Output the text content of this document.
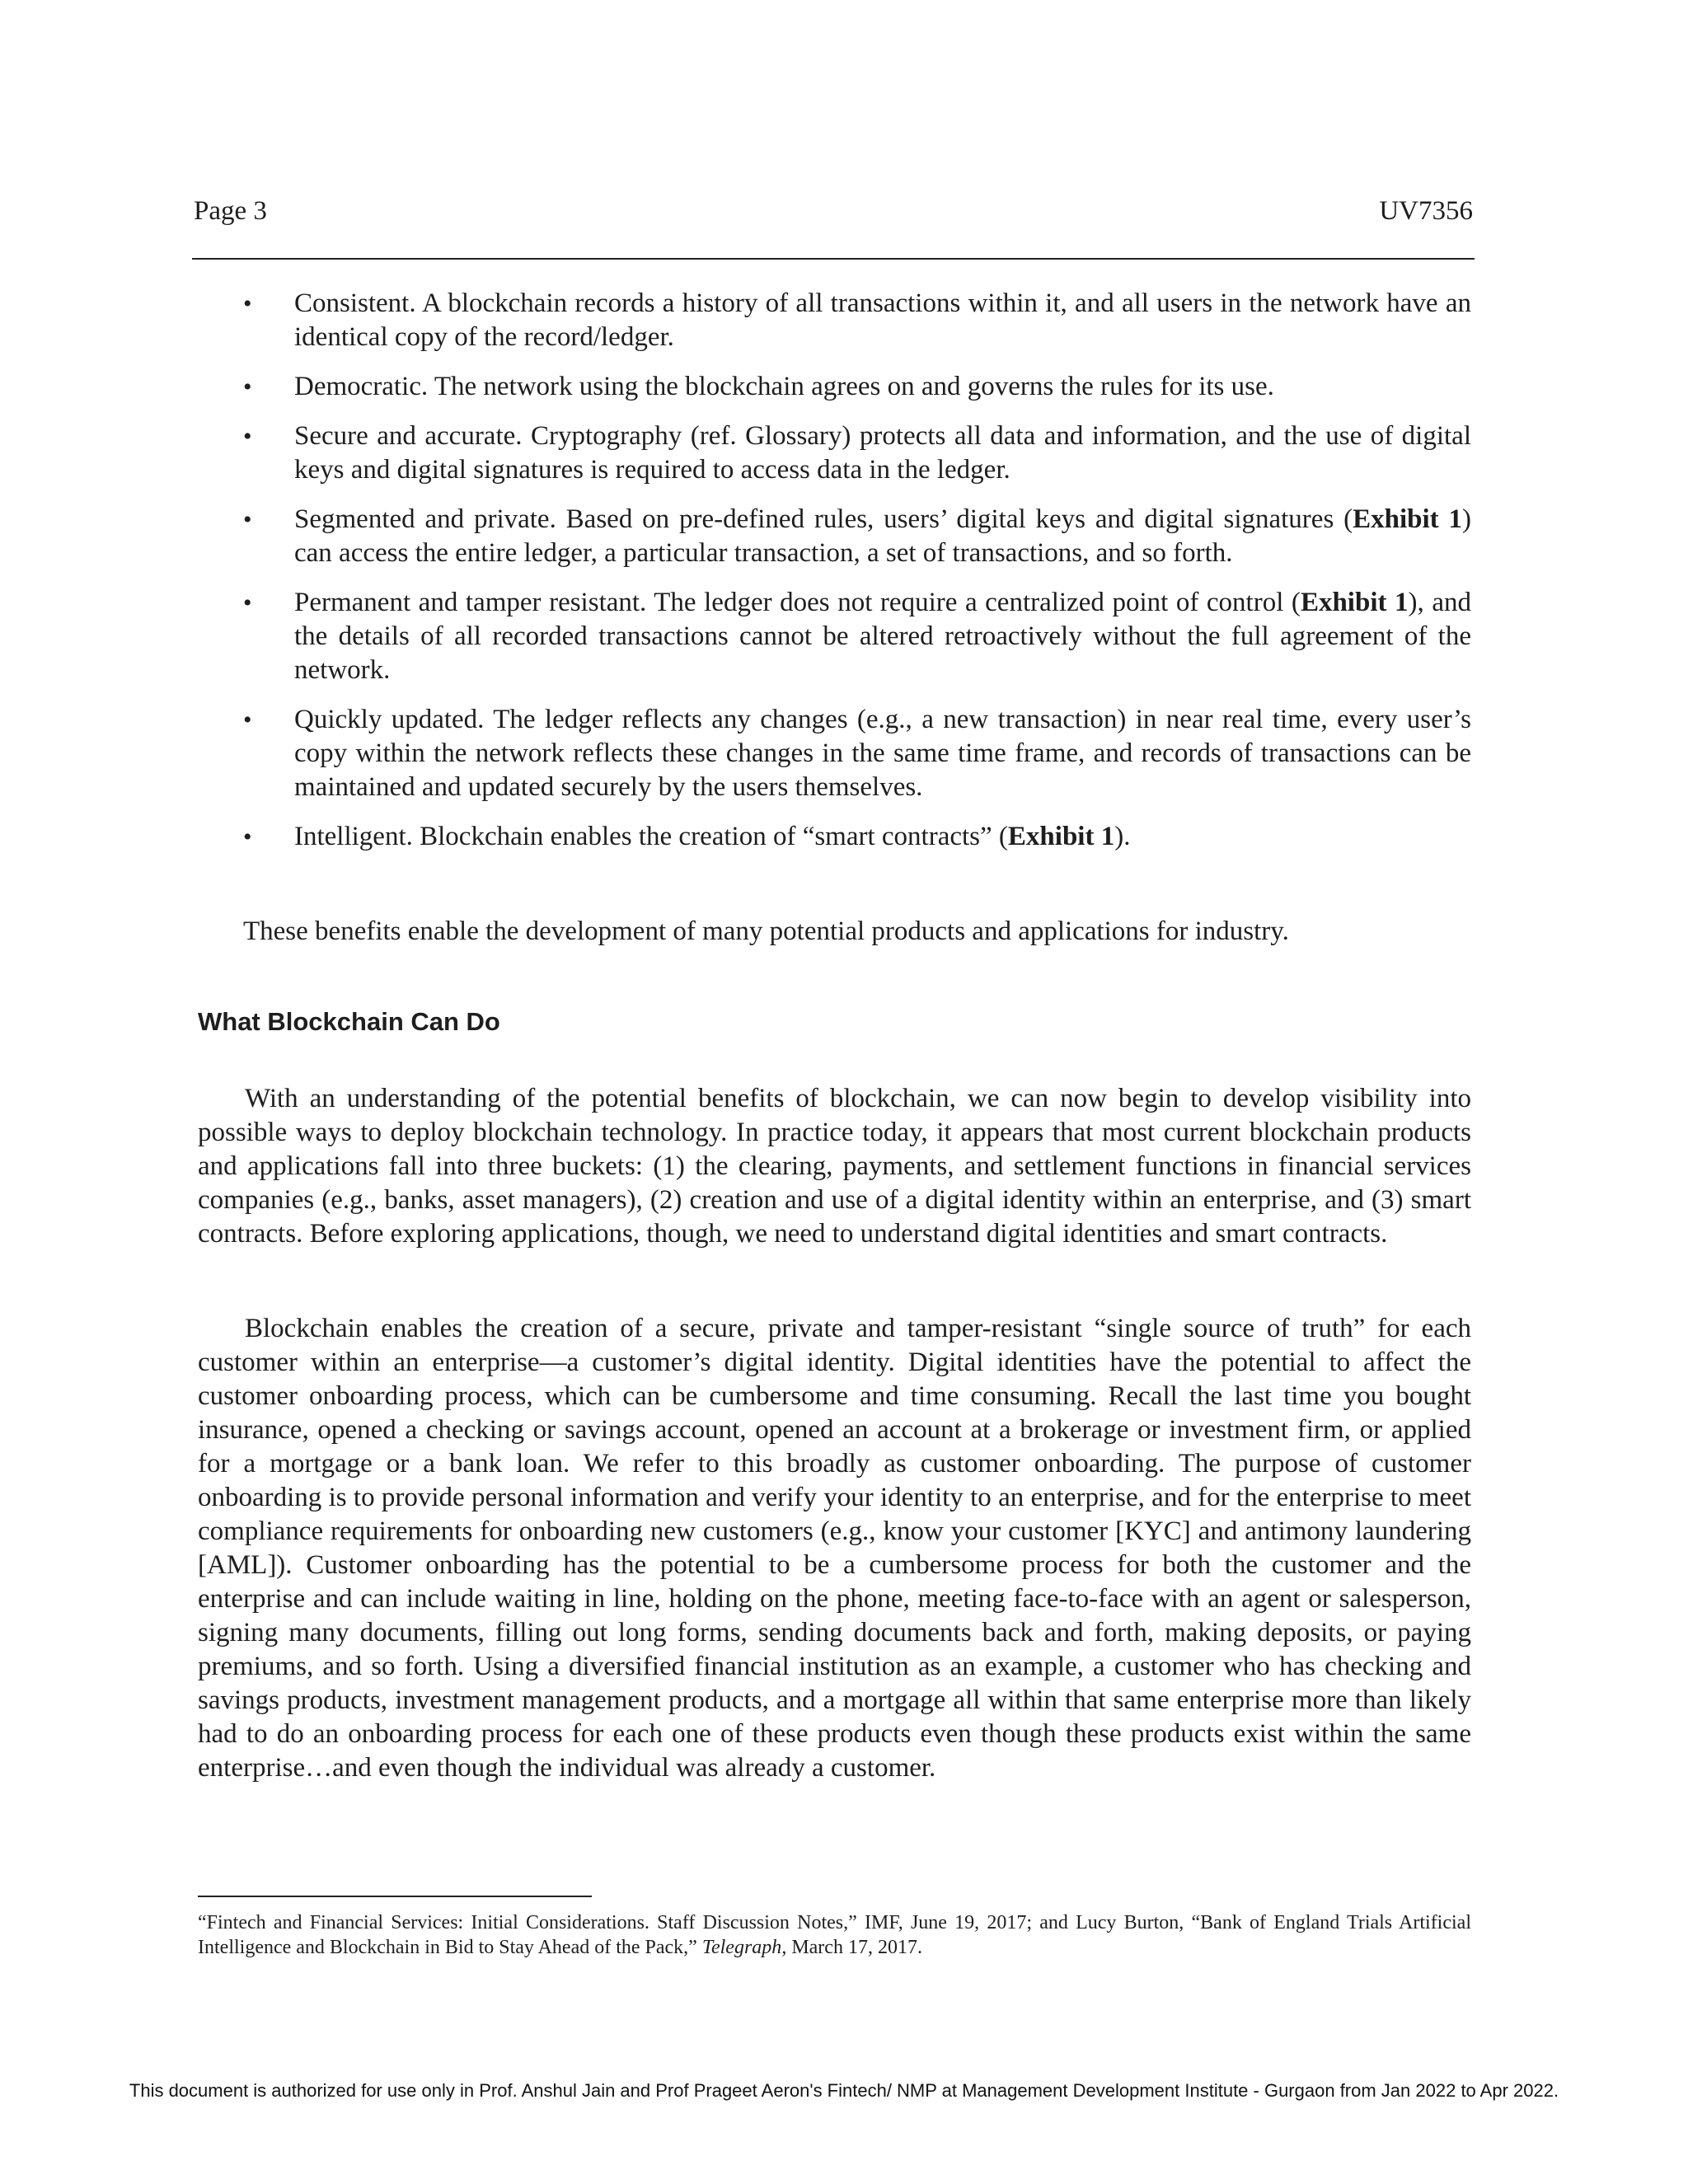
Page 3	UV7356
• Consistent. A blockchain records a history of all transactions within it, and all users in the network have an identical copy of the record/ledger.
• Democratic. The network using the blockchain agrees on and governs the rules for its use.
• Secure and accurate. Cryptography (ref. Glossary) protects all data and information, and the use of digital keys and digital signatures is required to access data in the ledger.
• Segmented and private. Based on pre-defined rules, users’ digital keys and digital signatures (Exhibit 1) can access the entire ledger, a particular transaction, a set of transactions, and so forth.
• Permanent and tamper resistant. The ledger does not require a centralized point of control (Exhibit 1), and the details of all recorded transactions cannot be altered retroactively without the full agreement of the network.
• Quickly updated. The ledger reflects any changes (e.g., a new transaction) in near real time, every user’s copy within the network reflects these changes in the same time frame, and records of transactions can be maintained and updated securely by the users themselves.
• Intelligent. Blockchain enables the creation of “smart contracts” (Exhibit 1).
These benefits enable the development of many potential products and applications for industry.
What Blockchain Can Do

With an understanding of the potential benefits of blockchain, we can now begin to develop visibility into possible ways to deploy blockchain technology. In practice today, it appears that most current blockchain products and applications fall into three buckets: (1) the clearing, payments, and settlement functions in financial services companies (e.g., banks, asset managers), (2) creation and use of a digital identity within an enterprise, and (3) smart contracts. Before exploring applications, though, we need to understand digital identities and smart contracts.

Blockchain enables the creation of a secure, private and tamper-resistant “single source of truth” for each customer within an enterprise—a customer’s digital identity. Digital identities have the potential to affect the customer onboarding process, which can be cumbersome and time consuming. Recall the last time you bought insurance, opened a checking or savings account, opened an account at a brokerage or investment firm, or applied for a mortgage or a bank loan. We refer to this broadly as customer onboarding. The purpose of customer onboarding is to provide personal information and verify your identity to an enterprise, and for the enterprise to meet compliance requirements for onboarding new customers (e.g., know your customer [KYC] and antimony laundering [AML]). Customer onboarding has the potential to be a cumbersome process for both the customer and the enterprise and can include waiting in line, holding on the phone, meeting face-to-face with an agent or salesperson, signing many documents, filling out long forms, sending documents back and forth, making deposits, or paying premiums, and so forth. Using a diversified financial institution as an example, a customer who has checking and savings products, investment management products, and a mortgage all within that same enterprise more than likely had to do an onboarding process for each one of these products even though these products exist within the same enterprise…and even though the individual was already a customer.

“Fintech and Financial Services: Initial Considerations. Staff Discussion Notes,” IMF, June 19, 2017; and Lucy Burton, “Bank of England Trials Artificial Intelligence and Blockchain in Bid to Stay Ahead of the Pack,” Telegraph, March 17, 2017.
This document is authorized for use only in Prof. Anshul Jain and Prof Prageet Aeron's Fintech/ NMP at Management Development Institute - Gurgaon from Jan 2022 to Apr 2022.
